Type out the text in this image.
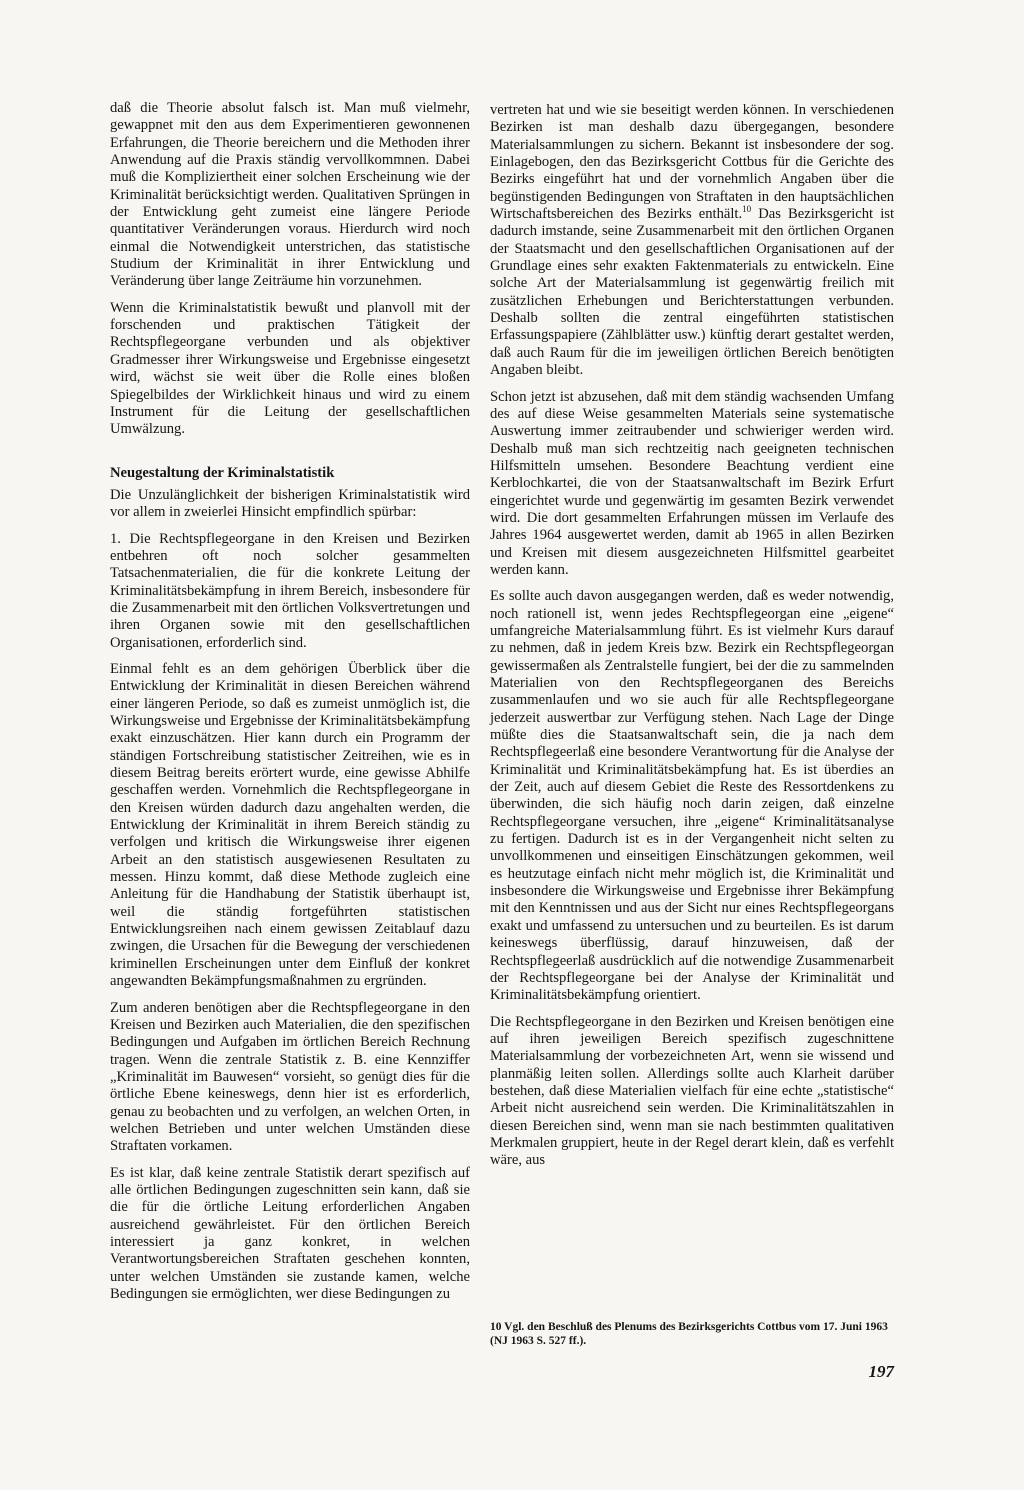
daß die Theorie absolut falsch ist. Man muß vielmehr, gewappnet mit den aus dem Experimentieren gewonnenen Erfahrungen, die Theorie bereichern und die Methoden ihrer Anwendung auf die Praxis ständig vervollkommnen. Dabei muß die Kompliziertheit einer solchen Erscheinung wie der Kriminalität berücksichtigt werden. Qualitativen Sprüngen in der Entwicklung geht zumeist eine längere Periode quantitativer Veränderungen voraus. Hierdurch wird noch einmal die Notwendigkeit unterstrichen, das statistische Studium der Kriminalität in ihrer Entwicklung und Veränderung über lange Zeiträume hin vorzunehmen.

Wenn die Kriminalstatistik bewußt und planvoll mit der forschenden und praktischen Tätigkeit der Rechtspflegeorgane verbunden und als objektiver Gradmesser ihrer Wirkungsweise und Ergebnisse eingesetzt wird, wächst sie weit über die Rolle eines bloßen Spiegelbildes der Wirklichkeit hinaus und wird zu einem Instrument für die Leitung der gesellschaftlichen Umwälzung.

Neugestaltung der Kriminalstatistik

Die Unzulänglichkeit der bisherigen Kriminalstatistik wird vor allem in zweierlei Hinsicht empfindlich spürbar:

1. Die Rechtspflegeorgane in den Kreisen und Bezirken entbehren oft noch solcher gesammelten Tatsachenmaterialien, die für die konkrete Leitung der Kriminalitätsbekämpfung in ihrem Bereich, insbesondere für die Zusammenarbeit mit den örtlichen Volksvertretungen und ihren Organen sowie mit den gesellschaftlichen Organisationen, erforderlich sind.

Einmal fehlt es an dem gehörigen Überblick über die Entwicklung der Kriminalität in diesen Bereichen während einer längeren Periode, so daß es zumeist unmöglich ist, die Wirkungsweise und Ergebnisse der Kriminalitätsbekämpfung exakt einzuschätzen. Hier kann durch ein Programm der ständigen Fortschreibung statistischer Zeitreihen, wie es in diesem Beitrag bereits erörtert wurde, eine gewisse Abhilfe geschaffen werden. Vornehmlich die Rechtspflegeorgane in den Kreisen würden dadurch dazu angehalten werden, die Entwicklung der Kriminalität in ihrem Bereich ständig zu verfolgen und kritisch die Wirkungsweise ihrer eigenen Arbeit an den statistisch ausgewiesenen Resultaten zu messen. Hinzu kommt, daß diese Methode zugleich eine Anleitung für die Handhabung der Statistik überhaupt ist, weil die ständig fortgeführten statistischen Entwicklungsreihen nach einem gewissen Zeitablauf dazu zwingen, die Ursachen für die Bewegung der verschiedenen kriminellen Erscheinungen unter dem Einfluß der konkret angewandten Bekämpfungsmaßnahmen zu ergründen.

Zum anderen benötigen aber die Rechtspflegeorgane in den Kreisen und Bezirken auch Materialien, die den spezifischen Bedingungen und Aufgaben im örtlichen Bereich Rechnung tragen. Wenn die zentrale Statistik z. B. eine Kennziffer „Kriminalität im Bauwesen“ vorsieht, so genügt dies für die örtliche Ebene keineswegs, denn hier ist es erforderlich, genau zu beobachten und zu verfolgen, an welchen Orten, in welchen Betrieben und unter welchen Umständen diese Straftaten vorkamen.

Es ist klar, daß keine zentrale Statistik derart spezifisch auf alle örtlichen Bedingungen zugeschnitten sein kann, daß sie die für die örtliche Leitung erforderlichen Angaben ausreichend gewährleistet. Für den örtlichen Bereich interessiert ja ganz konkret, in welchen Verantwortungsbereichen Straftaten geschehen konnten, unter welchen Umständen sie zustande kamen, welche Bedingungen sie ermöglichten, wer diese Bedingungen zu

vertreten hat und wie sie beseitigt werden können. In verschiedenen Bezirken ist man deshalb dazu übergegangen, besondere Materialsammlungen zu sichern. Bekannt ist insbesondere der sog. Einlagebogen, den das Bezirksgericht Cottbus für die Gerichte des Bezirks eingeführt hat und der vornehmlich Angaben über die begünstigenden Bedingungen von Straftaten in den hauptsächlichen Wirtschaftsbereichen des Bezirks enthält.$^{10}$ Das Bezirksgericht ist dadurch imstande, seine Zusammenarbeit mit den örtlichen Organen der Staatsmacht und den gesellschaftlichen Organisationen auf der Grundlage eines sehr exakten Faktenmaterials zu entwickeln. Eine solche Art der Materialsammlung ist gegenwärtig freilich mit zusätzlichen Erhebungen und Berichterstattungen verbunden. Deshalb sollten die zentral eingeführten statistischen Erfassungspapiere (Zählblätter usw.) künftig derart gestaltet werden, daß auch Raum für die im jeweiligen örtlichen Bereich benötigten Angaben bleibt.

Schon jetzt ist abzusehen, daß mit dem ständig wachsenden Umfang des auf diese Weise gesammelten Materials seine systematische Auswertung immer zeitraubender und schwieriger werden wird. Deshalb muß man sich rechtzeitig nach geeigneten technischen Hilfsmitteln umsehen. Besondere Beachtung verdient eine Kerblochkartei, die von der Staatsanwaltschaft im Bezirk Erfurt eingerichtet wurde und gegenwärtig im gesamten Bezirk verwendet wird. Die dort gesammelten Erfahrungen müssen im Verlaufe des Jahres 1964 ausgewertet werden, damit ab 1965 in allen Bezirken und Kreisen mit diesem ausgezeichneten Hilfsmittel gearbeitet werden kann.

Es sollte auch davon ausgegangen werden, daß es weder notwendig, noch rationell ist, wenn jedes Rechtspflegeorgan eine „eigene“ umfangreiche Materialsammlung führt. Es ist vielmehr Kurs darauf zu nehmen, daß in jedem Kreis bzw. Bezirk ein Rechtspflegeorgan gewissermaßen als Zentralstelle fungiert, bei der die zu sammelnden Materialien von den Rechtspflegeorganen des Bereichs zusammenlaufen und wo sie auch für alle Rechtspflegeorgane jederzeit auswertbar zur Verfügung stehen. Nach Lage der Dinge müßte dies die Staatsanwaltschaft sein, die ja nach dem Rechtspflegeerlaß eine besondere Verantwortung für die Analyse der Kriminalität und Kriminalitätsbekämpfung hat. Es ist überdies an der Zeit, auch auf diesem Gebiet die Reste des Ressortdenkens zu überwinden, die sich häufig noch darin zeigen, daß einzelne Rechtspflegeorgane versuchen, ihre „eigene“ Kriminalitätsanalyse zu fertigen. Dadurch ist es in der Vergangenheit nicht selten zu unvollkommenen und einseitigen Einschätzungen gekommen, weil es heutzutage einfach nicht mehr möglich ist, die Kriminalität und insbesondere die Wirkungsweise und Ergebnisse ihrer Bekämpfung mit den Kenntnissen und aus der Sicht nur eines Rechtspflegeorgans exakt und umfassend zu untersuchen und zu beurteilen. Es ist darum keineswegs überflüssig, darauf hinzuweisen, daß der Rechtspflegeerlaß ausdrücklich auf die notwendige Zusammenarbeit der Rechtspflegeorgane bei der Analyse der Kriminalität und Kriminalitätsbekämpfung orientiert.

Die Rechtspflegeorgane in den Bezirken und Kreisen benötigen eine auf ihren jeweiligen Bereich spezifisch zugeschnittene Materialsammlung der vorbezeichneten Art, wenn sie wissend und planmäßig leiten sollen. Allerdings sollte auch Klarheit darüber bestehen, daß diese Materialien vielfach für eine echte „statistische“ Arbeit nicht ausreichend sein werden. Die Kriminalitätszahlen in diesen Bereichen sind, wenn man sie nach bestimmten qualitativen Merkmalen gruppiert, heute in der Regel derart klein, daß es verfehlt wäre, aus

10 Vgl. den Beschluß des Plenums des Bezirksgerichts Cottbus vom 17. Juni 1963 (NJ 1963 S. 527 ff.).
197
